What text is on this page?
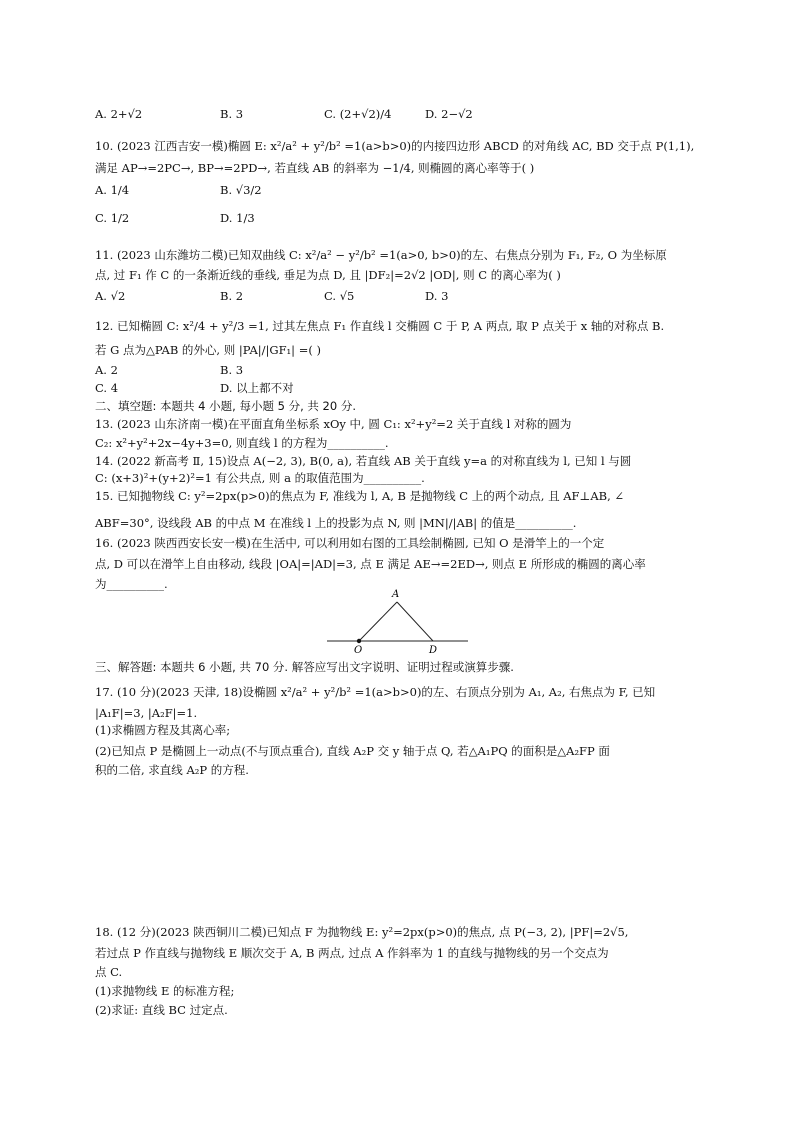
A. 2+√2	B. 3	C. (2+√2)/4	D. 2−√2
10. (2023 江西吉安一模)椭圆 E: x²/a² + y²/b² =1(a>b>0)的内接四边形 ABCD 的对角线 AC, BD 交于点 P(1,1),
满足 AP→=2PC→, BP→=2PD→, 若直线 AB 的斜率为 −1/4, 则椭圆的离心率等于( )
A. 1/4	B. √3/2
C. 1/2	D. 1/3
11. (2023 山东潍坊二模)已知双曲线 C: x²/a² − y²/b² =1(a>0, b>0)的左、右焦点分别为 F₁, F₂, O 为坐标原
点, 过 F₁ 作 C 的一条渐近线的垂线, 垂足为点 D, 且 |DF₂|=2√2 |OD|, 则 C 的离心率为( )
A. √2	B. 2	C. √5	D. 3
12. 已知椭圆 C: x²/4 + y²/3 =1, 过其左焦点 F₁ 作直线 l 交椭圆 C 于 P, A 两点, 取 P 点关于 x 轴的对称点 B.
若 G 点为△PAB 的外心, 则 |PA|/|GF₁| =( )
A. 2	B. 3
C. 4	D. 以上都不对
二、填空题: 本题共 4 小题, 每小题 5 分, 共 20 分.
13. (2023 山东济南一模)在平面直角坐标系 xOy 中, 圆 C₁: x²+y²=2 关于直线 l 对称的圆为
C₂: x²+y²+2x−4y+3=0, 则直线 l 的方程为__________.
14. (2022 新高考 Ⅱ, 15)设点 A(−2, 3), B(0, a), 若直线 AB 关于直线 y=a 的对称直线为 l, 已知 l 与圆
C: (x+3)²+(y+2)²=1 有公共点, 则 a 的取值范围为__________.
15. 已知抛物线 C: y²=2px(p>0)的焦点为 F, 准线为 l, A, B 是抛物线 C 上的两个动点, 且 AF⊥AB, ∠
ABF=30°, 设线段 AB 的中点 M 在准线 l 上的投影为点 N, 则 |MN|/|AB| 的值是__________.
16. (2023 陕西西安长安一模)在生活中, 可以利用如右图的工具绘制椭圆, 已知 O 是滑竿上的一个定
点, D 可以在滑竿上自由移动, 线段 |OA|=|AD|=3, 点 E 满足 AE→=2ED→, 则点 E 所形成的椭圆的离心率
为__________.
A
O	D
三、解答题: 本题共 6 小题, 共 70 分. 解答应写出文字说明、证明过程或演算步骤.
17. (10 分)(2023 天津, 18)设椭圆 x²/a² + y²/b² =1(a>b>0)的左、右顶点分别为 A₁, A₂, 右焦点为 F, 已知
|A₁F|=3, |A₂F|=1.
(1)求椭圆方程及其离心率;
(2)已知点 P 是椭圆上一动点(不与顶点重合), 直线 A₂P 交 y 轴于点 Q, 若△A₁PQ 的面积是△A₂FP 面
积的二倍, 求直线 A₂P 的方程.
18. (12 分)(2023 陕西铜川二模)已知点 F 为抛物线 E: y²=2px(p>0)的焦点, 点 P(−3, 2), |PF|=2√5,
若过点 P 作直线与抛物线 E 顺次交于 A, B 两点, 过点 A 作斜率为 1 的直线与抛物线的另一个交点为
点 C.
(1)求抛物线 E 的标准方程;
(2)求证: 直线 BC 过定点.
